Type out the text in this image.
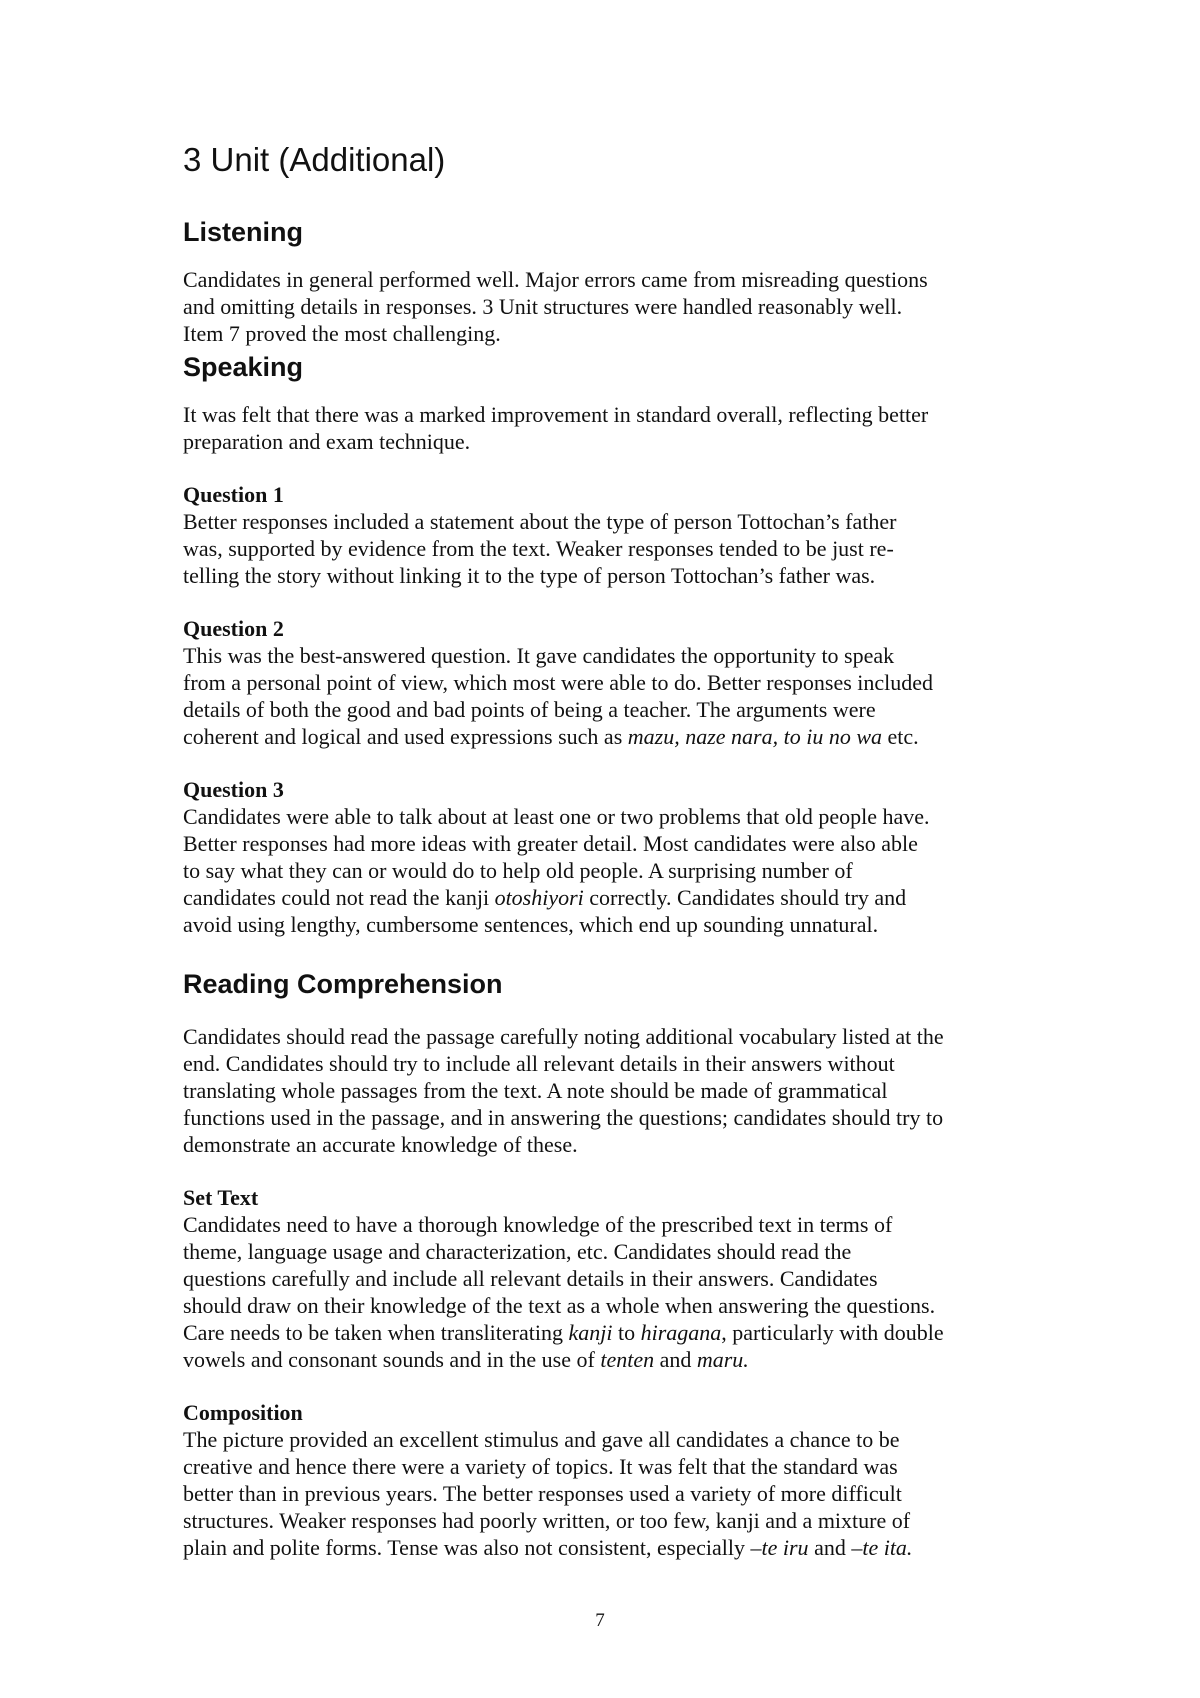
3 Unit (Additional)
Listening

Candidates in general performed well. Major errors came from misreading questions
and omitting details in responses. 3 Unit structures were handled reasonably well.
Item 7 proved the most challenging.

Speaking

It was felt that there was a marked improvement in standard overall, reflecting better
preparation and exam technique.

Question 1

Better responses included a statement about the type of person Tottochan’s father
was, supported by evidence from the text. Weaker responses tended to be just re-
telling the story without linking it to the type of person Tottochan’s father was.

Question 2

This was the best-answered question. It gave candidates the opportunity to speak
from a personal point of view, which most were able to do. Better responses included
details of both the good and bad points of being a teacher. The arguments were
coherent and logical and used expressions such as mazu, naze nara, to iu no wa etc.

Question 3

Candidates were able to talk about at least one or two problems that old people have.
Better responses had more ideas with greater detail. Most candidates were also able
to say what they can or would do to help old people. A surprising number of
candidates could not read the kanji otoshiyori correctly. Candidates should try and
avoid using lengthy, cumbersome sentences, which end up sounding unnatural.

Reading Comprehension

Candidates should read the passage carefully noting additional vocabulary listed at the
end. Candidates should try to include all relevant details in their answers without
translating whole passages from the text. A note should be made of grammatical
functions used in the passage, and in answering the questions; candidates should try to
demonstrate an accurate knowledge of these.

Set Text

Candidates need to have a thorough knowledge of the prescribed text in terms of
theme, language usage and characterization, etc. Candidates should read the
questions carefully and include all relevant details in their answers. Candidates
should draw on their knowledge of the text as a whole when answering the questions.
Care needs to be taken when transliterating kanji to hiragana, particularly with double
vowels and consonant sounds and in the use of tenten and maru.

Composition

The picture provided an excellent stimulus and gave all candidates a chance to be
creative and hence there were a variety of topics. It was felt that the standard was
better than in previous years. The better responses used a variety of more difficult
structures. Weaker responses had poorly written, or too few, kanji and a mixture of
plain and polite forms. Tense was also not consistent, especially –te iru and –te ita.

7
